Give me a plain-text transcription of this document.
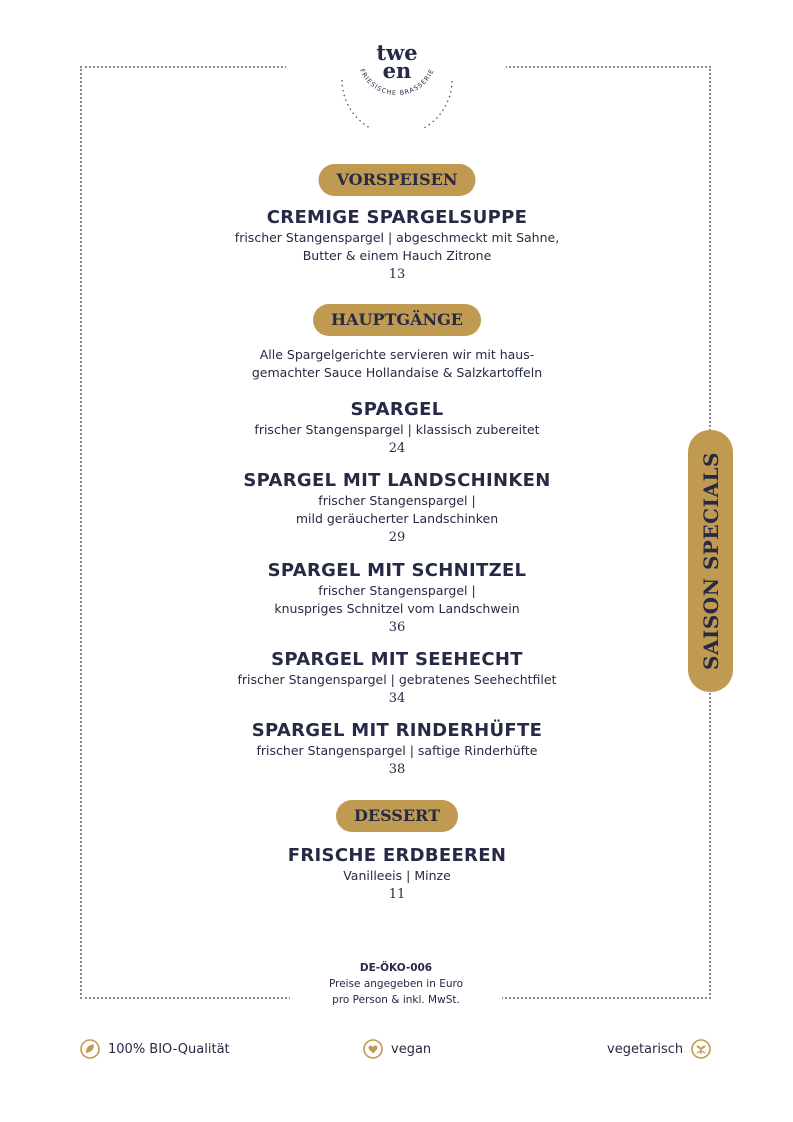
twe
en
FRIESISCHE BRASSERIE
VORSPEISEN
CREMIGE SPARGELSUPPE
frischer Stangenspargel | abgeschmeckt mit Sahne,
Butter & einem Hauch Zitrone
13
HAUPTGÄNGE
Alle Spargelgerichte servieren wir mit haus-
gemachter Sauce Hollandaise & Salzkartoffeln
SPARGEL
frischer Stangenspargel | klassisch zubereitet
24
SPARGEL MIT LANDSCHINKEN
frischer Stangenspargel |
mild geräucherter Landschinken
29
SPARGEL MIT SCHNITZEL
frischer Stangenspargel |
knuspriges Schnitzel vom Landschwein
36
SPARGEL MIT SEEHECHT
frischer Stangenspargel | gebratenes Seehechtfilet
34
SPARGEL MIT RINDERHÜFTE
frischer Stangenspargel | saftige Rinderhüfte
38
DESSERT
FRISCHE ERDBEEREN
Vanilleeis | Minze
11
SAISON SPECIALS
DE-ÖKO-006
Preise angegeben in Euro
pro Person & inkl. MwSt.
100% BIO-Qualität	vegan	vegetarisch
